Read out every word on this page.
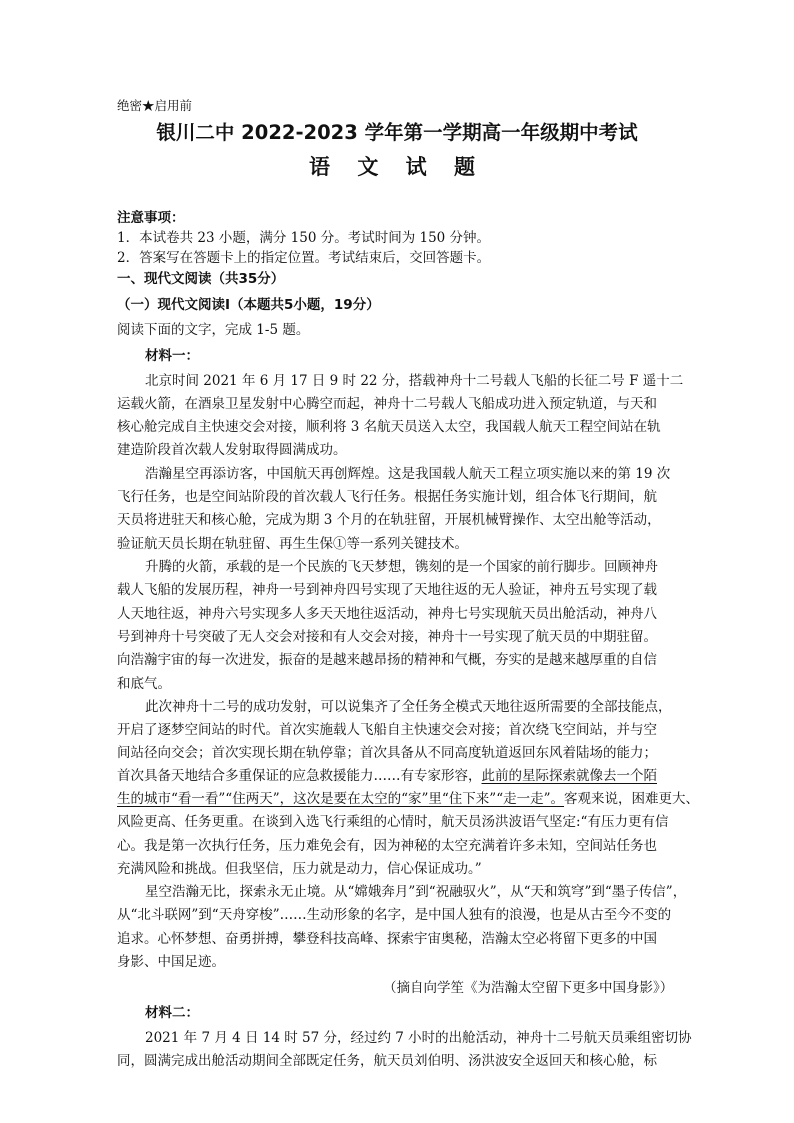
绝密★启用前
银川二中 2022-2023 学年第一学期高一年级期中考试
语 文 试 题
注意事项：
1．本试卷共 23 小题，满分 150 分。考试时间为 150 分钟。
2．答案写在答题卡上的指定位置。考试结束后，交回答题卡。
一、现代文阅读（共35分）
（一）现代文阅读Ⅰ（本题共5小题，19分）
阅读下面的文字，完成 1-5 题。
材料一：
北京时间 2021 年 6 月 17 日 9 时 22 分，搭载神舟十二号载人飞船的长征二号 F 遥十二
运载火箭，在酒泉卫星发射中心腾空而起，神舟十二号载人飞船成功进入预定轨道，与天和
核心舱完成自主快速交会对接，顺利将 3 名航天员送入太空，我国载人航天工程空间站在轨
建造阶段首次载人发射取得圆满成功。
浩瀚星空再添访客，中国航天再创辉煌。这是我国载人航天工程立项实施以来的第 19 次
飞行任务，也是空间站阶段的首次载人飞行任务。根据任务实施计划，组合体飞行期间，航
天员将进驻天和核心舱，完成为期 3 个月的在轨驻留，开展机械臂操作、太空出舱等活动，
验证航天员长期在轨驻留、再生生保①等一系列关键技术。
升腾的火箭，承载的是一个民族的飞天梦想，镌刻的是一个国家的前行脚步。回顾神舟
载人飞船的发展历程，神舟一号到神舟四号实现了天地往返的无人验证，神舟五号实现了载
人天地往返，神舟六号实现多人多天天地往返活动，神舟七号实现航天员出舱活动，神舟八
号到神舟十号突破了无人交会对接和有人交会对接，神舟十一号实现了航天员的中期驻留。
向浩瀚宇宙的每一次进发，振奋的是越来越昂扬的精神和气概，夯实的是越来越厚重的自信
和底气。
此次神舟十二号的成功发射，可以说集齐了全任务全模式天地往返所需要的全部技能点，
开启了逐梦空间站的时代。首次实施载人飞船自主快速交会对接；首次绕飞空间站，并与空
间站径向交会；首次实现长期在轨停靠；首次具备从不同高度轨道返回东风着陆场的能力；
首次具备天地结合多重保证的应急救援能力……有专家形容，此前的星际探索就像去一个陌
生的城市“看一看”“住两天”，这次是要在太空的“家”里“住下来”“走一走”。客观来说，困难更大、
风险更高、任务更重。在谈到入选飞行乘组的心情时，航天员汤洪波语气坚定:“有压力更有信
心。我是第一次执行任务，压力难免会有，因为神秘的太空充满着许多未知，空间站任务也
充满风险和挑战。但我坚信，压力就是动力，信心保证成功。”
星空浩瀚无比，探索永无止境。从“嫦娥奔月”到“祝融驭火”，从“天和筑穹”到“墨子传信”，
从“北斗联网”到“天舟穿梭”……生动形象的名字，是中国人独有的浪漫，也是从古至今不变的
追求。心怀梦想、奋勇拼搏，攀登科技高峰、探索宇宙奥秘，浩瀚太空必将留下更多的中国
身影、中国足迹。
（摘自向学笙《为浩瀚太空留下更多中国身影》）
材料二：
2021 年 7 月 4 日 14 时 57 分，经过约 7 小时的出舱活动，神舟十二号航天员乘组密切协
同，圆满完成出舱活动期间全部既定任务，航天员刘伯明、汤洪波安全返回天和核心舱，标
